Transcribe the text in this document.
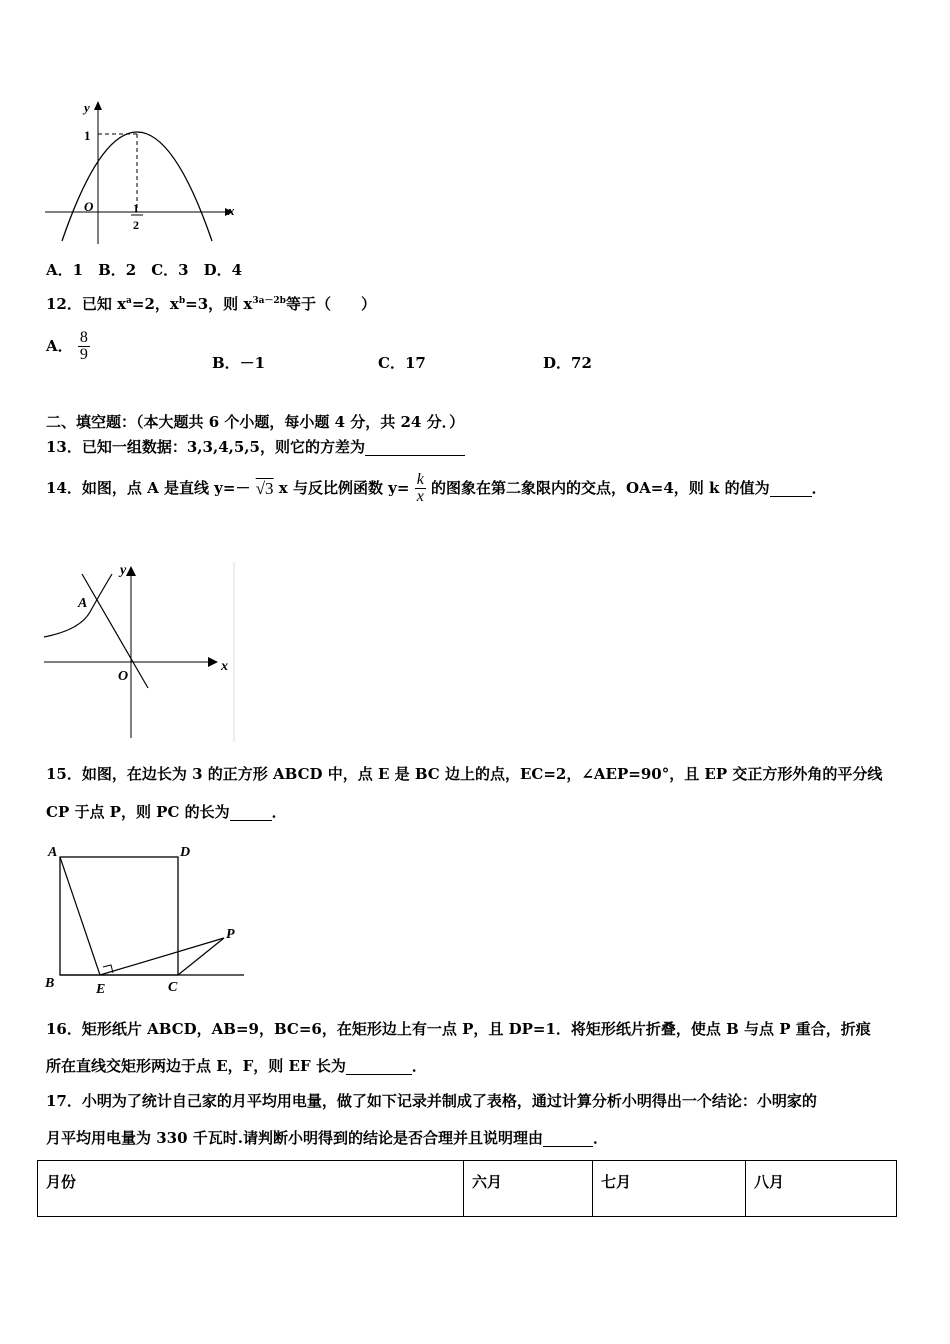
y
x
O
1
1
2
A．1　B．2　C．3　D．4
12．已知 $x^a=2$，$x^b=3$，则 $x^{3a-2b}$等于（　　）
A． $\frac{8}{9}$	B．－1	C．17	D．72
二、填空题：（本大题共 6 个小题，每小题 4 分，共 24 分．）
13．已知一组数据：3,3,4,5,5，则它的方差为
14．如图，点 A 是直线 y=－ √3 x 与反比例函数 $y= \frac{k}{x}$ 的图象在第二象限内的交点，OA=4，则 k 的值为	．
y
x
O
A
15．如图，在边长为 3 的正方形 ABCD 中，点 E 是 BC 边上的点，EC=2，∠AEP=90°，且 EP 交正方形外角的平分线
CP 于点 P，则 PC 的长为	．
A	D
B	E	C
P
16．矩形纸片 ABCD，AB=9，BC=6，在矩形边上有一点 P，且 DP=1．将矩形纸片折叠，使点 B 与点 P 重合，折痕
所在直线交矩形两边于点 E，F，则 EF 长为	．
17．小明为了统计自己家的月平均用电量，做了如下记录并制成了表格，通过计算分析小明得出一个结论：小明家的
月平均用电量为 330 千瓦时.请判断小明得到的结论是否合理并且说明理由	．
月份	六月	七月	八月
